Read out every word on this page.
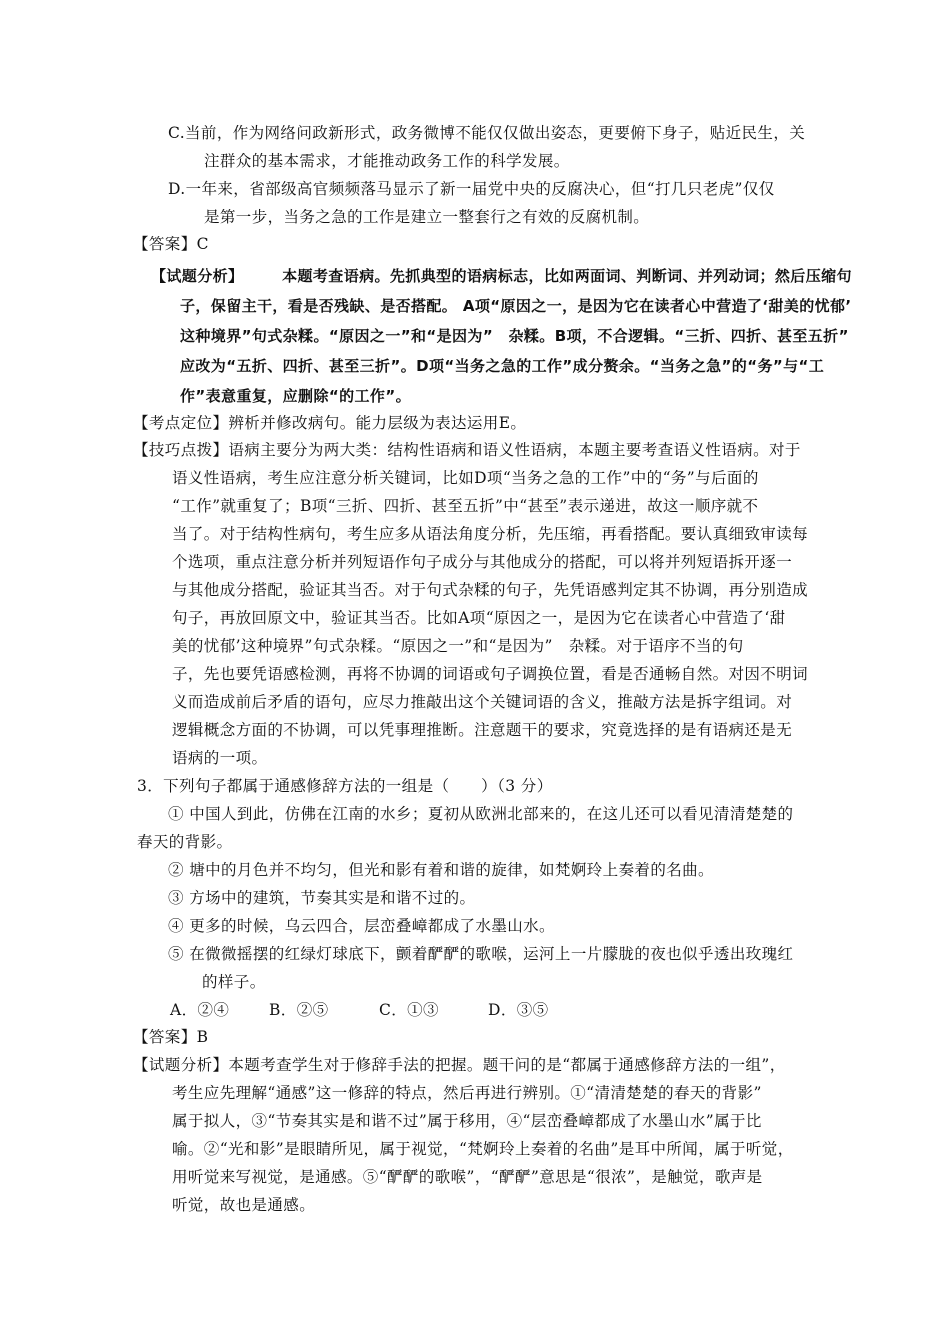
C.当前，作为网络问政新形式，政务微博不能仅仅做出姿态，更要俯下身子，贴近民生，关
注群众的基本需求，才能推动政务工作的科学发展。
D.一年来，省部级高官频频落马显示了新一届党中央的反腐决心，但“打几只老虎”仅仅
是第一步，当务之急的工作是建立一整套行之有效的反腐机制。
【答案】C
【试题分析】　　　本题考查语病。先抓典型的语病标志，比如两面词、判断词、并列动词；然后压缩句
子，保留主干，看是否残缺、是否搭配。 A项“原因之一，是因为它在读者心中营造了‘甜美的忧郁’
这种境界”句式杂糅。“原因之一”和“是因为”　杂糅。B项，不合逻辑。“三折、四折、甚至五折”
应改为“五折、四折、甚至三折”。D项“当务之急的工作”成分赘余。“当务之急”的“务”与“工
作”表意重复，应删除“的工作”。
【考点定位】辨析并修改病句。能力层级为表达运用E。
【技巧点拨】语病主要分为两大类：结构性语病和语义性语病，本题主要考查语义性语病。对于
语义性语病，考生应注意分析关键词，比如D项“当务之急的工作”中的“务”与后面的
“工作”就重复了；B项“三折、四折、甚至五折”中“甚至”表示递进，故这一顺序就不
当了。对于结构性病句，考生应多从语法角度分析，先压缩，再看搭配。要认真细致审读每
个选项，重点注意分析并列短语作句子成分与其他成分的搭配，可以将并列短语拆开逐一
与其他成分搭配，验证其当否。对于句式杂糅的句子，先凭语感判定其不协调，再分别造成
句子，再放回原文中，验证其当否。比如A项“原因之一，是因为它在读者心中营造了‘甜
美的忧郁’这种境界”句式杂糅。“原因之一”和“是因为”　杂糅。对于语序不当的句
子，先也要凭语感检测，再将不协调的词语或句子调换位置，看是否通畅自然。对因不明词
义而造成前后矛盾的语句，应尽力推敲出这个关键词语的含义，推敲方法是拆字组词。对
逻辑概念方面的不协调，可以凭事理推断。注意题干的要求，究竟选择的是有语病还是无
语病的一项。
3．下列句子都属于通感修辞方法的一组是（　　）（3 分）
① 中国人到此，仿佛在江南的水乡；夏初从欧洲北部来的，在这儿还可以看见清清楚楚的
春天的背影。
② 塘中的月色并不均匀，但光和影有着和谐的旋律，如梵婀玲上奏着的名曲。
③ 方场中的建筑，节奏其实是和谐不过的。
④ 更多的时候，乌云四合，层峦叠嶂都成了水墨山水。
⑤ 在微微摇摆的红绿灯球底下，颤着酽酽的歌喉，运河上一片朦胧的夜也似乎透出玫瑰红
的样子。
A．②④	B．②⑤	C．①③	D．③⑤
【答案】B
【试题分析】本题考查学生对于修辞手法的把握。题干问的是“都属于通感修辞方法的一组”，
考生应先理解“通感”这一修辞的特点，然后再进行辨别。①“清清楚楚的春天的背影”
属于拟人，③“节奏其实是和谐不过”属于移用，④“层峦叠嶂都成了水墨山水”属于比
喻。②“光和影”是眼睛所见，属于视觉，“梵婀玲上奏着的名曲”是耳中所闻，属于听觉，
用听觉来写视觉，是通感。⑤“酽酽的歌喉”，“酽酽”意思是“很浓”，是触觉，歌声是
听觉，故也是通感。
